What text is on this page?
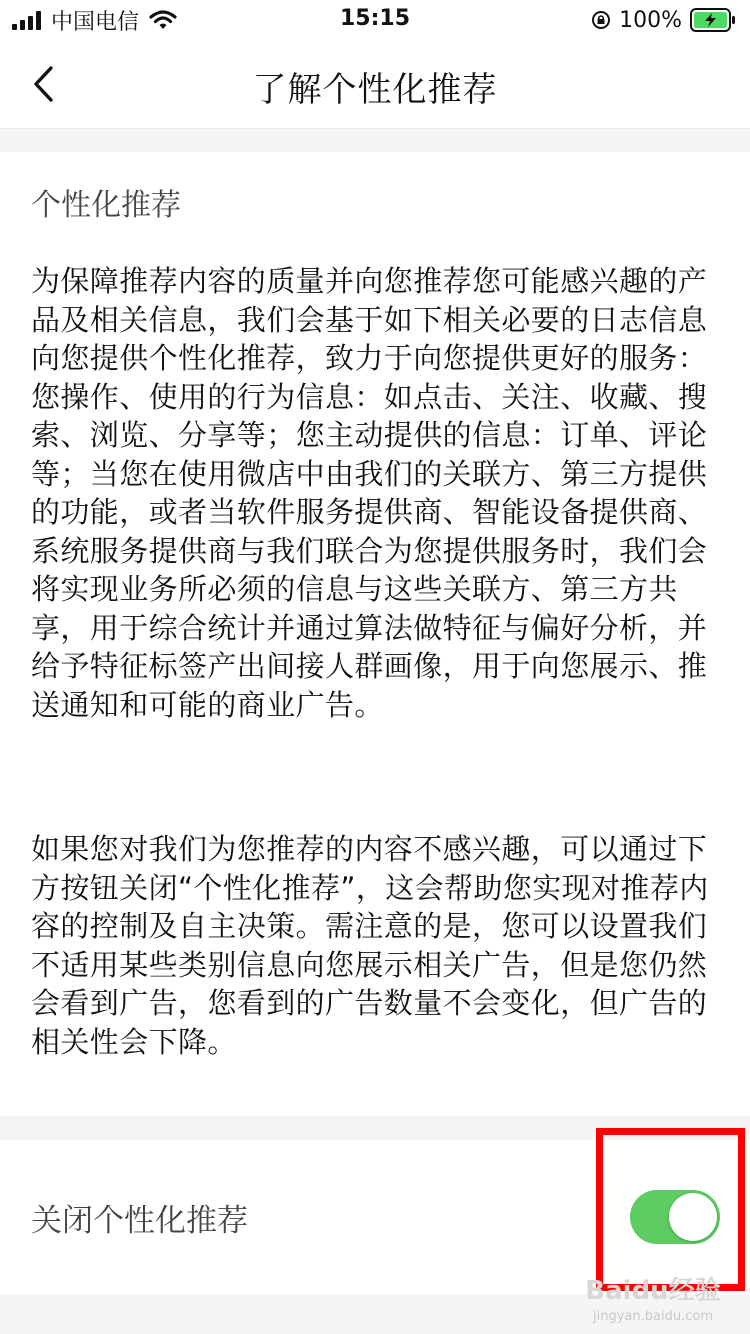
中国电信	15:15	100%
了解个性化推荐
个性化推荐
为保障推荐内容的质量并向您推荐您可能感兴趣的产品及相关信息，我们会基于如下相关必要的日志信息向您提供个性化推荐，致力于向您提供更好的服务：您操作、使用的行为信息：如点击、关注、收藏、搜索、浏览、分享等；您主动提供的信息：订单、评论等；当您在使用微店中由我们的关联方、第三方提供的功能，或者当软件服务提供商、智能设备提供商、系统服务提供商与我们联合为您提供服务时，我们会将实现业务所必须的信息与这些关联方、第三方共享，用于综合统计并通过算法做特征与偏好分析，并给予特征标签产出间接人群画像，用于向您展示、推送通知和可能的商业广告。
如果您对我们为您推荐的内容不感兴趣，可以通过下方按钮关闭“个性化推荐”，这会帮助您实现对推荐内容的控制及自主决策。需注意的是，您可以设置我们不适用某些类别信息向您展示相关广告，但是您仍然会看到广告，您看到的广告数量不会变化，但广告的相关性会下降。
关闭个性化推荐
Baidu经验
jingyan.baidu.com
